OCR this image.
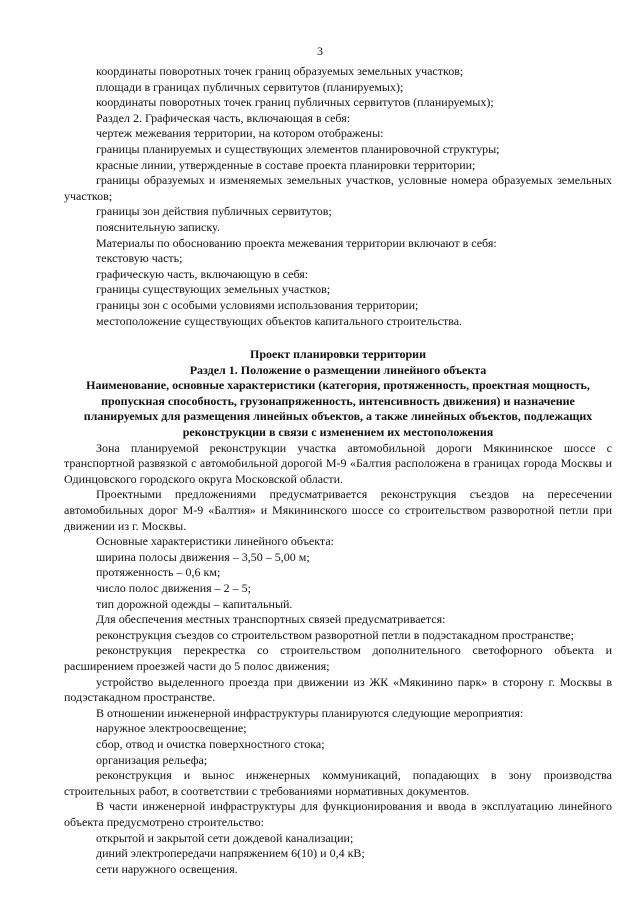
3

координаты поворотных точек границ образуемых земельных участков;

площади в границах публичных сервитутов (планируемых);

координаты поворотных точек границ публичных сервитутов (планируемых);

Раздел 2. Графическая часть, включающая в себя:

чертеж межевания территории, на котором отображены:

границы планируемых и существующих элементов планировочной структуры;

красные линии, утвержденные в составе проекта планировки территории;

границы образуемых и изменяемых земельных участков, условные номера образуемых земельных участков;

границы зон действия публичных сервитутов;

пояснительную записку.

Материалы по обоснованию проекта межевания территории включают в себя:

текстовую часть;

графическую часть, включающую в себя:

границы существующих земельных участков;

границы зон с особыми условиями использования территории;

местоположение существующих объектов капитального строительства.

Проект планировки территории

Раздел 1. Положение о размещении линейного объекта

Наименование, основные характеристики (категория, протяженность, проектная мощность, пропускная способность, грузонапряженность, интенсивность движения) и назначение планируемых для размещения линейных объектов, а также линейных объектов, подлежащих реконструкции в связи с изменением их местоположения

Зона планируемой реконструкции участка автомобильной дороги Мякининское шоссе с транспортной развязкой с автомобильной дорогой М-9 «Балтия расположена в границах города Москвы и Одинцовского городского округа Московской области.

Проектными предложениями предусматривается реконструкция съездов на пересечении автомобильных дорог М-9 «Балтия» и Мякининского шоссе со строительством разворотной петли при движении из г. Москвы.

Основные характеристики линейного объекта:

ширина полосы движения – 3,50 – 5,00 м;

протяженность – 0,6 км;

число полос движения – 2 – 5;

тип дорожной одежды – капитальный.

Для обеспечения местных транспортных связей предусматривается:

реконструкция съездов со строительством разворотной петли в подэстакадном пространстве;

реконструкция перекрестка со строительством дополнительного светофорного объекта и расширением проезжей части до 5 полос движения;

устройство выделенного проезда при движении из ЖК «Мякинино парк» в сторону г. Москвы в подэстакадном пространстве.

В отношении инженерной инфраструктуры планируются следующие мероприятия:

наружное электроосвещение;

сбор, отвод и очистка поверхностного стока;

организация рельефа;

реконструкция и вынос инженерных коммуникаций, попадающих в зону производства строительных работ, в соответствии с требованиями нормативных документов.

В части инженерной инфраструктуры для функционирования и ввода в эксплуатацию линейного объекта предусмотрено строительство:

открытой и закрытой сети дождевой канализации;

диний электропередачи напряжением 6(10) и 0,4 кВ;

сети наружного освещения.
